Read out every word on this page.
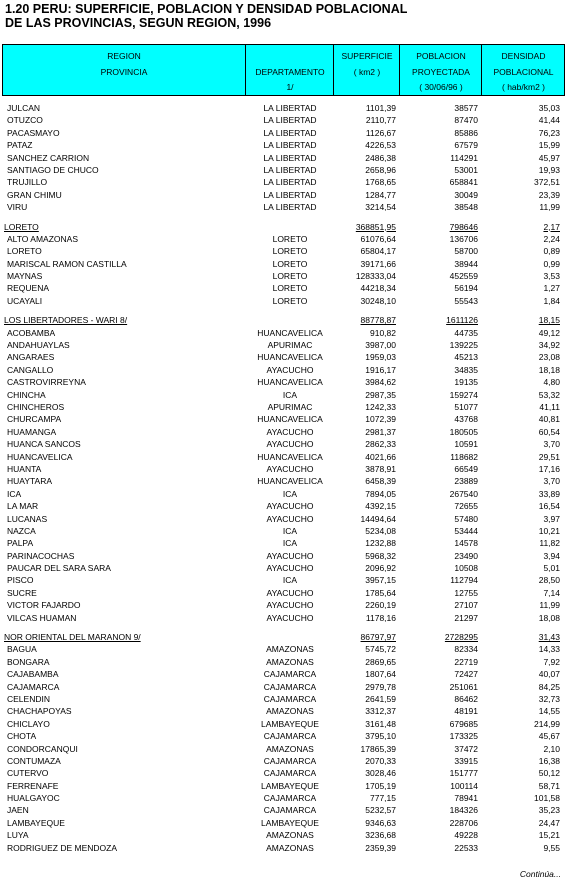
1.20 PERU: SUPERFICIE, POBLACION Y DENSIDAD POBLACIONAL
DE LAS PROVINCIAS, SEGUN REGION, 1996
REGION
PROVINCIA	DEPARTAMENTO
1/
SUPERFICIE
( km2 )
POBLACION
PROYECTADA
( 30/06/96 )
DENSIDAD
POBLACIONAL
( hab/km2 )
JULCAN	LA LIBERTAD	1101,39	38577	35,03
OTUZCO	LA LIBERTAD	2110,77	87470	41,44
PACASMAYO	LA LIBERTAD	1126,67	85886	76,23
PATAZ	LA LIBERTAD	4226,53	67579	15,99
SANCHEZ CARRION	LA LIBERTAD	2486,38	114291	45,97
SANTIAGO DE CHUCO	LA LIBERTAD	2658,96	53001	19,93
TRUJILLO	LA LIBERTAD	1768,65	658841	372,51
GRAN CHIMU	LA LIBERTAD	1284,77	30049	23,39
VIRU	LA LIBERTAD	3214,54	38548	11,99
LORETO	368851,95	798646	2,17
ALTO AMAZONAS	LORETO	61076,64	136706	2,24
LORETO	LORETO	65804,17	58700	0,89
MARISCAL RAMON CASTILLA	LORETO	39171,66	38944	0,99
MAYNAS	LORETO	128333,04	452559	3,53
REQUENA	LORETO	44218,34	56194	1,27
UCAYALI	LORETO	30248,10	55543	1,84
LOS LIBERTADORES - WARI 8/	88778,87	1611126	18,15
ACOBAMBA	HUANCAVELICA	910,82	44735	49,12
ANDAHUAYLAS	APURIMAC	3987,00	139225	34,92
ANGARAES	HUANCAVELICA	1959,03	45213	23,08
CANGALLO	AYACUCHO	1916,17	34835	18,18
CASTROVIRREYNA	HUANCAVELICA	3984,62	19135	4,80
CHINCHA	ICA	2987,35	159274	53,32
CHINCHEROS	APURIMAC	1242,33	51077	41,11
CHURCAMPA	HUANCAVELICA	1072,39	43768	40,81
HUAMANGA	AYACUCHO	2981,37	180505	60,54
HUANCA SANCOS	AYACUCHO	2862,33	10591	3,70
HUANCAVELICA	HUANCAVELICA	4021,66	118682	29,51
HUANTA	AYACUCHO	3878,91	66549	17,16
HUAYTARA	HUANCAVELICA	6458,39	23889	3,70
ICA	ICA	7894,05	267540	33,89
LA MAR	AYACUCHO	4392,15	72655	16,54
LUCANAS	AYACUCHO	14494,64	57480	3,97
NAZCA	ICA	5234,08	53444	10,21
PALPA	ICA	1232,88	14578	11,82
PARINACOCHAS	AYACUCHO	5968,32	23490	3,94
PAUCAR DEL SARA SARA	AYACUCHO	2096,92	10508	5,01
PISCO	ICA	3957,15	112794	28,50
SUCRE	AYACUCHO	1785,64	12755	7,14
VICTOR FAJARDO	AYACUCHO	2260,19	27107	11,99
VILCAS HUAMAN	AYACUCHO	1178,16	21297	18,08
NOR ORIENTAL DEL MARANON 9/	86797,97	2728295	31,43
BAGUA	AMAZONAS	5745,72	82334	14,33
BONGARA	AMAZONAS	2869,65	22719	7,92
CAJABAMBA	CAJAMARCA	1807,64	72427	40,07
CAJAMARCA	CAJAMARCA	2979,78	251061	84,25
CELENDIN	CAJAMARCA	2641,59	86462	32,73
CHACHAPOYAS	AMAZONAS	3312,37	48191	14,55
CHICLAYO	LAMBAYEQUE	3161,48	679685	214,99
CHOTA	CAJAMARCA	3795,10	173325	45,67
CONDORCANQUI	AMAZONAS	17865,39	37472	2,10
CONTUMAZA	CAJAMARCA	2070,33	33915	16,38
CUTERVO	CAJAMARCA	3028,46	151777	50,12
FERRENAFE	LAMBAYEQUE	1705,19	100114	58,71
HUALGAYOC	CAJAMARCA	777,15	78941	101,58
JAEN	CAJAMARCA	5232,57	184326	35,23
LAMBAYEQUE	LAMBAYEQUE	9346,63	228706	24,47
LUYA	AMAZONAS	3236,68	49228	15,21
RODRIGUEZ DE MENDOZA	AMAZONAS	2359,39	22533	9,55
Continúa...
